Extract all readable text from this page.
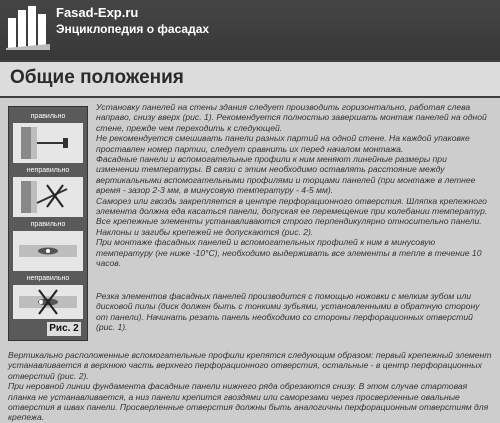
Fasad-Exp.ru
Энциклопедия о фасадах
Общие положения
правильно
неправильно
правильно
неправильно
Рис. 2
Установку панелей на стены здания следует производить горизонтально, работая слева направо, снизу вверх (рис. 1). Рекомендуется полностью завершать монтаж панелей на одной стене, прежде чем переходить к следующей.
Не рекомендуется смешивать панели разных партий на одной стене. На каждой упаковке проставлен номер партии, следует сравнить их перед началом монтажа.
Фасадные панели и вспомогательные профили к ним меняют линейные размеры при изменении температуры. В связи с этим необходимо оставлять расстояние между вертикальными вспомогательными профилями и торцами панелей (при монтаже в летнее время - зазор 2-3 мм, в минусовую температуру - 4-5 мм).
Саморез или гвоздь закрепляется в центре перфорационного отверстия. Шляпка крепежного элемента должна еда касаться панели, допуская ее перемещение при колебании температур. Все крепежные элементы устанавливаются строго перпендикулярно относительно панели. Наклоны и загибы крепежей не допускаются (рис. 2).
При монтаже фасадных панелей и вспомогательных профилей к ним в минусовую температуру (не ниже -10°C), необходимо выдерживать все элементы в тепле в течение 10 часов.
Резка элементов фасадных панелей производится с помощью ножовки с мелким зубом или дисковой пилы (диск должен быть с тонкими зубьями, установленными в обратную сторону от панели). Начинать резать панель необходимо со стороны перфорационных отверстий (рис. 1).
Вертикально расположенные вспомогательные профили крепятся следующим образом: первый крепежный элемент устанавливается в верхнюю часть верхнего перфорационного отверстия, остальные - в центр перфорационных отверстий (рис. 2).
При неровной линии фундамента фасадные панели нижнего ряда обрезаются снизу. В этом случае стартовая планка не устанавливается, а низ панели крепится гвоздями или саморезами через просверленные овальные отверстия в швах панели. Просверленные отверстия должны быть аналогичны перфорационным отверстиям для крепежа.
